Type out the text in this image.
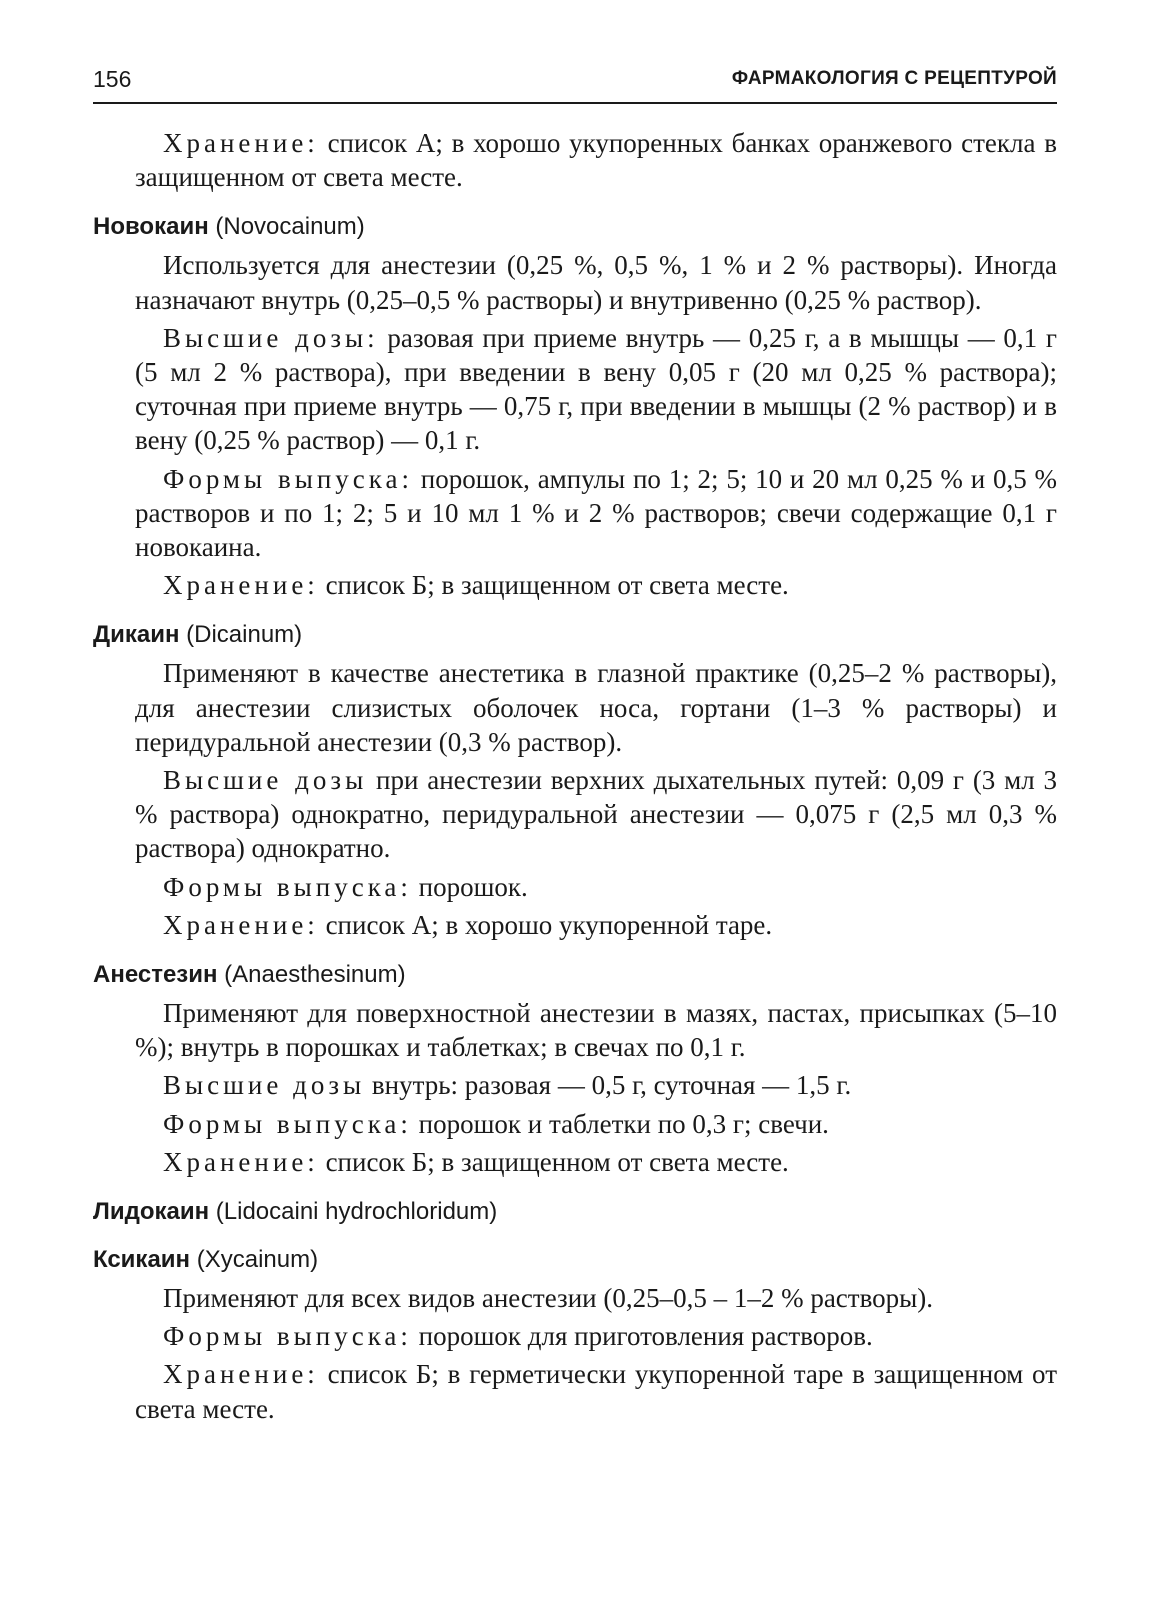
156	ФАРМАКОЛОГИЯ С РЕЦЕПТУРОЙ

Хранение: список А; в хорошо укупоренных банках оранжевого стекла в защищенном от света месте.

Новокаин (Novocainum)

Используется для анестезии (0,25 %, 0,5 %, 1 % и 2 % растворы). Иногда назначают внутрь (0,25–0,5 % растворы) и внутривенно (0,25 % раствор).

Высшие дозы: разовая при приеме внутрь — 0,25 г, а в мышцы — 0,1 г (5 мл 2 % раствора), при введении в вену 0,05 г (20 мл 0,25 % раствора); суточная при приеме внутрь — 0,75 г, при введении в мышцы (2 % раствор) и в вену (0,25 % раствор) — 0,1 г.

Формы выпуска: порошок, ампулы по 1; 2; 5; 10 и 20 мл 0,25 % и 0,5 % растворов и по 1; 2; 5 и 10 мл 1 % и 2 % растворов; свечи содержащие 0,1 г новокаина.

Хранение: список Б; в защищенном от света месте.

Дикаин (Dicainum)

Применяют в качестве анестетика в глазной практике (0,25–2 % растворы), для анестезии слизистых оболочек носа, гортани (1–3 % растворы) и перидуральной анестезии (0,3 % раствор).

Высшие дозы при анестезии верхних дыхательных путей: 0,09 г (3 мл 3 % раствора) однократно, перидуральной анестезии — 0,075 г (2,5 мл 0,3 % раствора) однократно.

Формы выпуска: порошок.

Хранение: список А; в хорошо укупоренной таре.

Анестезин (Anaesthesinum)

Применяют для поверхностной анестезии в мазях, пастах, присыпках (5–10 %); внутрь в порошках и таблетках; в свечах по 0,1 г.

Высшие дозы внутрь: разовая — 0,5 г, суточная — 1,5 г.

Формы выпуска: порошок и таблетки по 0,3 г; свечи.

Хранение: список Б; в защищенном от света месте.

Лидокаин (Lidocaini hydrochloridum)
Ксикаин (Xycainum)

Применяют для всех видов анестезии (0,25–0,5 – 1–2 % растворы).

Формы выпуска: порошок для приготовления растворов.

Хранение: список Б; в герметически укупоренной таре в защищенном от света месте.
